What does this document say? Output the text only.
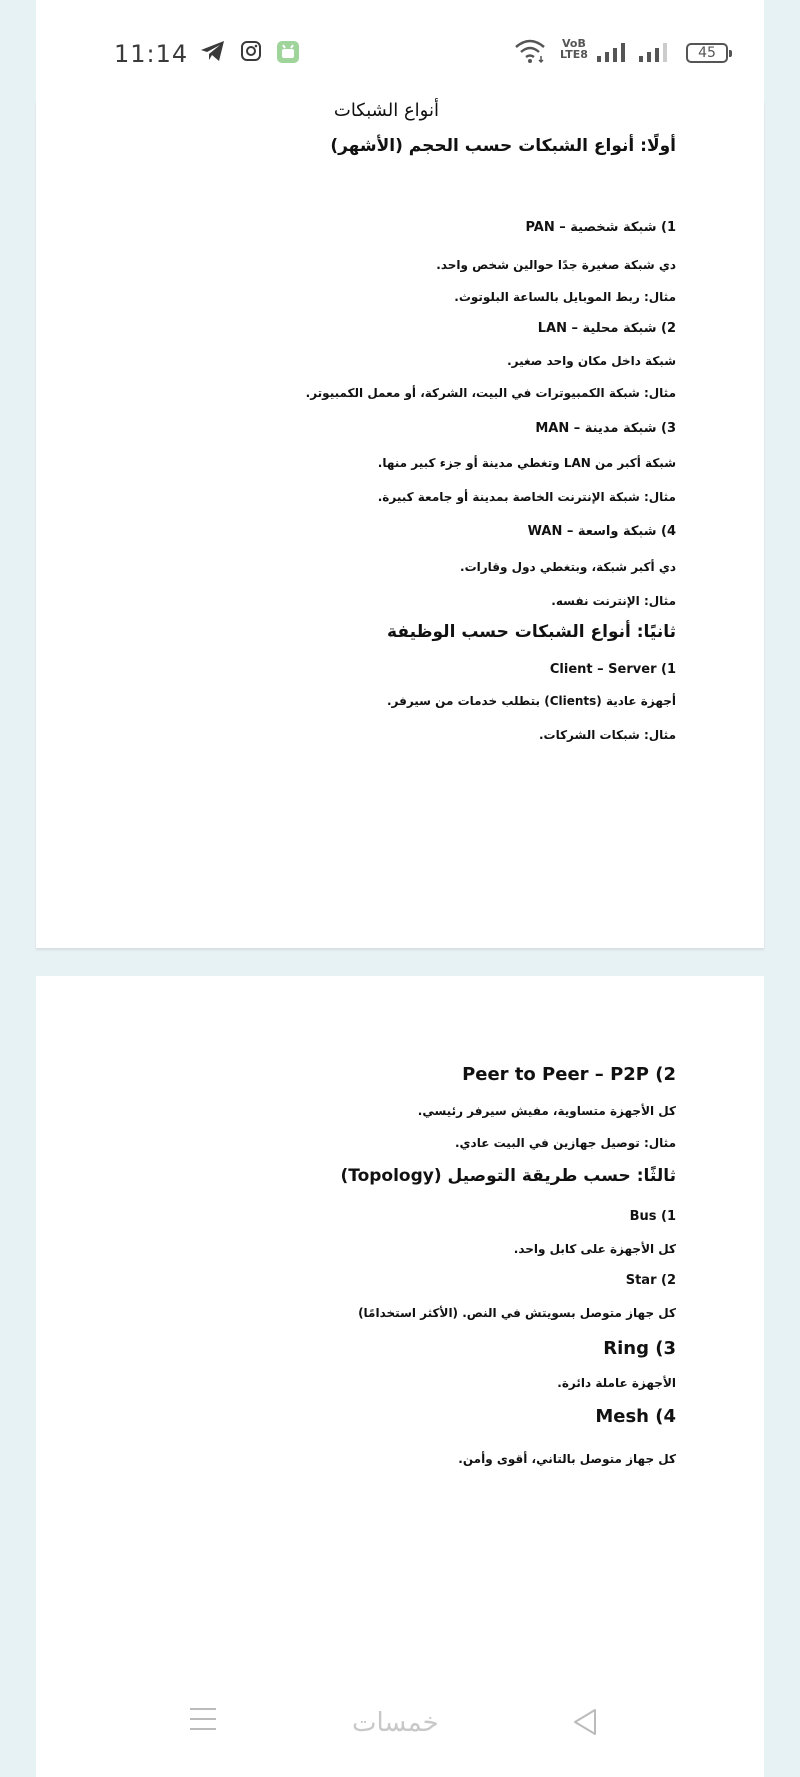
11:14	VoB
LTE8	45
أنواع الشبكات
أولًا: أنواع الشبكات حسب الحجم (الأشهر)
1) شبكة شخصية – PAN
دي شبكة صغيرة جدًا حوالين شخص واحد.
مثال: ربط الموبايل بالساعة البلوتوث.
2) شبكة محلية – LAN
شبكة داخل مكان واحد صغير.
مثال: شبكة الكمبيوترات في البيت، الشركة، أو معمل الكمبيوتر.
3) شبكة مدينة – MAN
شبكة أكبر من LAN وتغطي مدينة أو جزء كبير منها.
مثال: شبكة الإنترنت الخاصة بمدينة أو جامعة كبيرة.
4) شبكة واسعة – WAN
دي أكبر شبكة، وبتغطي دول وقارات.
مثال: الإنترنت نفسه.
ثانيًا: أنواع الشبكات حسب الوظيفة
Client – Server (1
أجهزة عادية (Clients) بتطلب خدمات من سيرفر.
مثال: شبكات الشركات.
Peer to Peer – P2P (2
كل الأجهزة متساوية، مفيش سيرفر رئيسي.
مثال: توصيل جهازين في البيت عادي.
ثالثًا: حسب طريقة التوصيل (Topology)
Bus (1
كل الأجهزة على كابل واحد.
Star (2
كل جهاز متوصل بسويتش في النص. (الأكثر استخدامًا)
Ring (3
الأجهزة عاملة دائرة.
Mesh (4
كل جهاز متوصل بالتاني، أقوى وأمن.
خمسات
